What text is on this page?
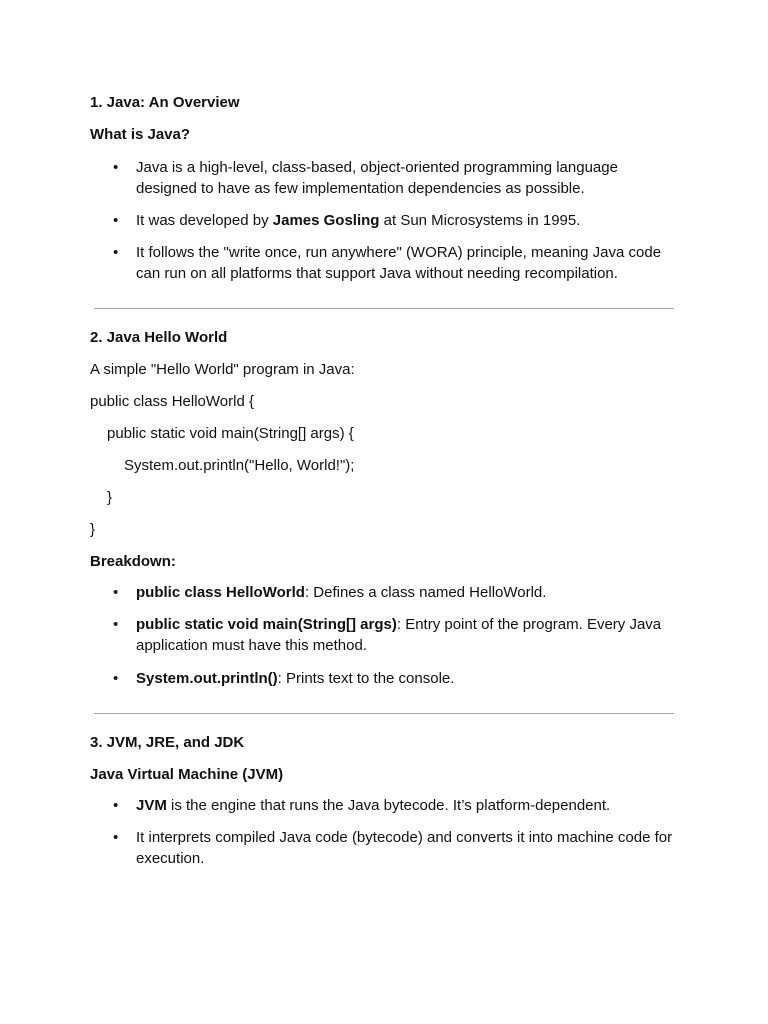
1. Java: An Overview
What is Java?
•
Java is a high-level, class-based, object-oriented programming language designed to have as few implementation dependencies as possible.
•
It was developed by James Gosling at Sun Microsystems in 1995.
•
It follows the "write once, run anywhere" (WORA) principle, meaning Java code can run on all platforms that support Java without needing recompilation.
2. Java Hello World
A simple "Hello World" program in Java:
public class HelloWorld {
public static void main(String[] args) {
System.out.println("Hello, World!");
}
}
Breakdown:
•
public class HelloWorld: Defines a class named HelloWorld.
•
public static void main(String[] args): Entry point of the program. Every Java application must have this method.
•
System.out.println(): Prints text to the console.
3. JVM, JRE, and JDK
Java Virtual Machine (JVM)
•
JVM is the engine that runs the Java bytecode. It’s platform-dependent.
•
It interprets compiled Java code (bytecode) and converts it into machine code for execution.
